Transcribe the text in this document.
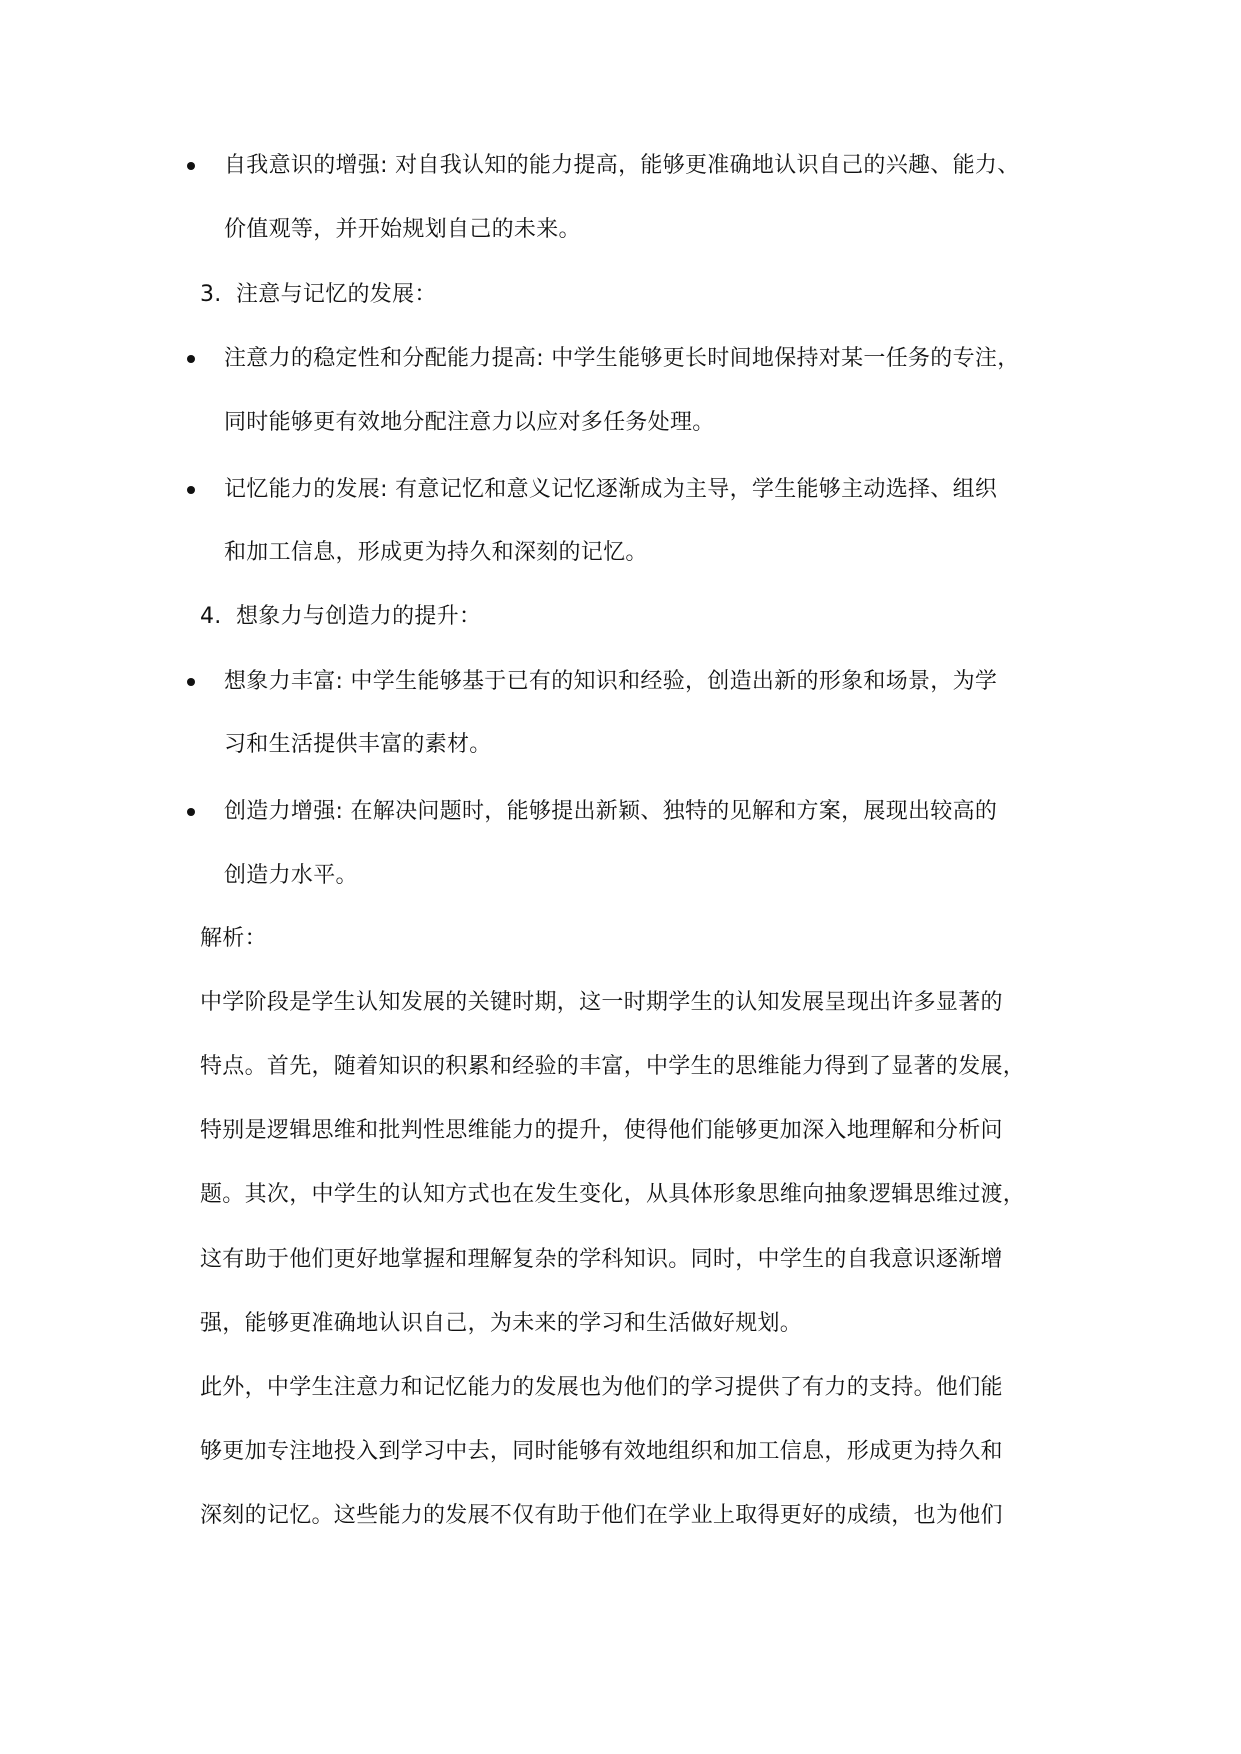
自我意识的增强: 对自我认知的能力提高，能够更准确地认识自己的兴趣、能力、
价值观等，并开始规划自己的未来。
3. 注意与记忆的发展：
注意力的稳定性和分配能力提高: 中学生能够更长时间地保持对某一任务的专注，
同时能够更有效地分配注意力以应对多任务处理。
记忆能力的发展: 有意记忆和意义记忆逐渐成为主导，学生能够主动选择、组织
和加工信息，形成更为持久和深刻的记忆。
4. 想象力与创造力的提升：
想象力丰富: 中学生能够基于已有的知识和经验，创造出新的形象和场景，为学
习和生活提供丰富的素材。
创造力增强: 在解决问题时，能够提出新颖、独特的见解和方案，展现出较高的
创造力水平。
解析：
中学阶段是学生认知发展的关键时期，这一时期学生的认知发展呈现出许多显著的
特点。首先，随着知识的积累和经验的丰富，中学生的思维能力得到了显著的发展，
特别是逻辑思维和批判性思维能力的提升，使得他们能够更加深入地理解和分析问
题。其次，中学生的认知方式也在发生变化，从具体形象思维向抽象逻辑思维过渡，
这有助于他们更好地掌握和理解复杂的学科知识。同时，中学生的自我意识逐渐增
强，能够更准确地认识自己，为未来的学习和生活做好规划。
此外，中学生注意力和记忆能力的发展也为他们的学习提供了有力的支持。他们能
够更加专注地投入到学习中去，同时能够有效地组织和加工信息，形成更为持久和
深刻的记忆。这些能力的发展不仅有助于他们在学业上取得更好的成绩，也为他们
